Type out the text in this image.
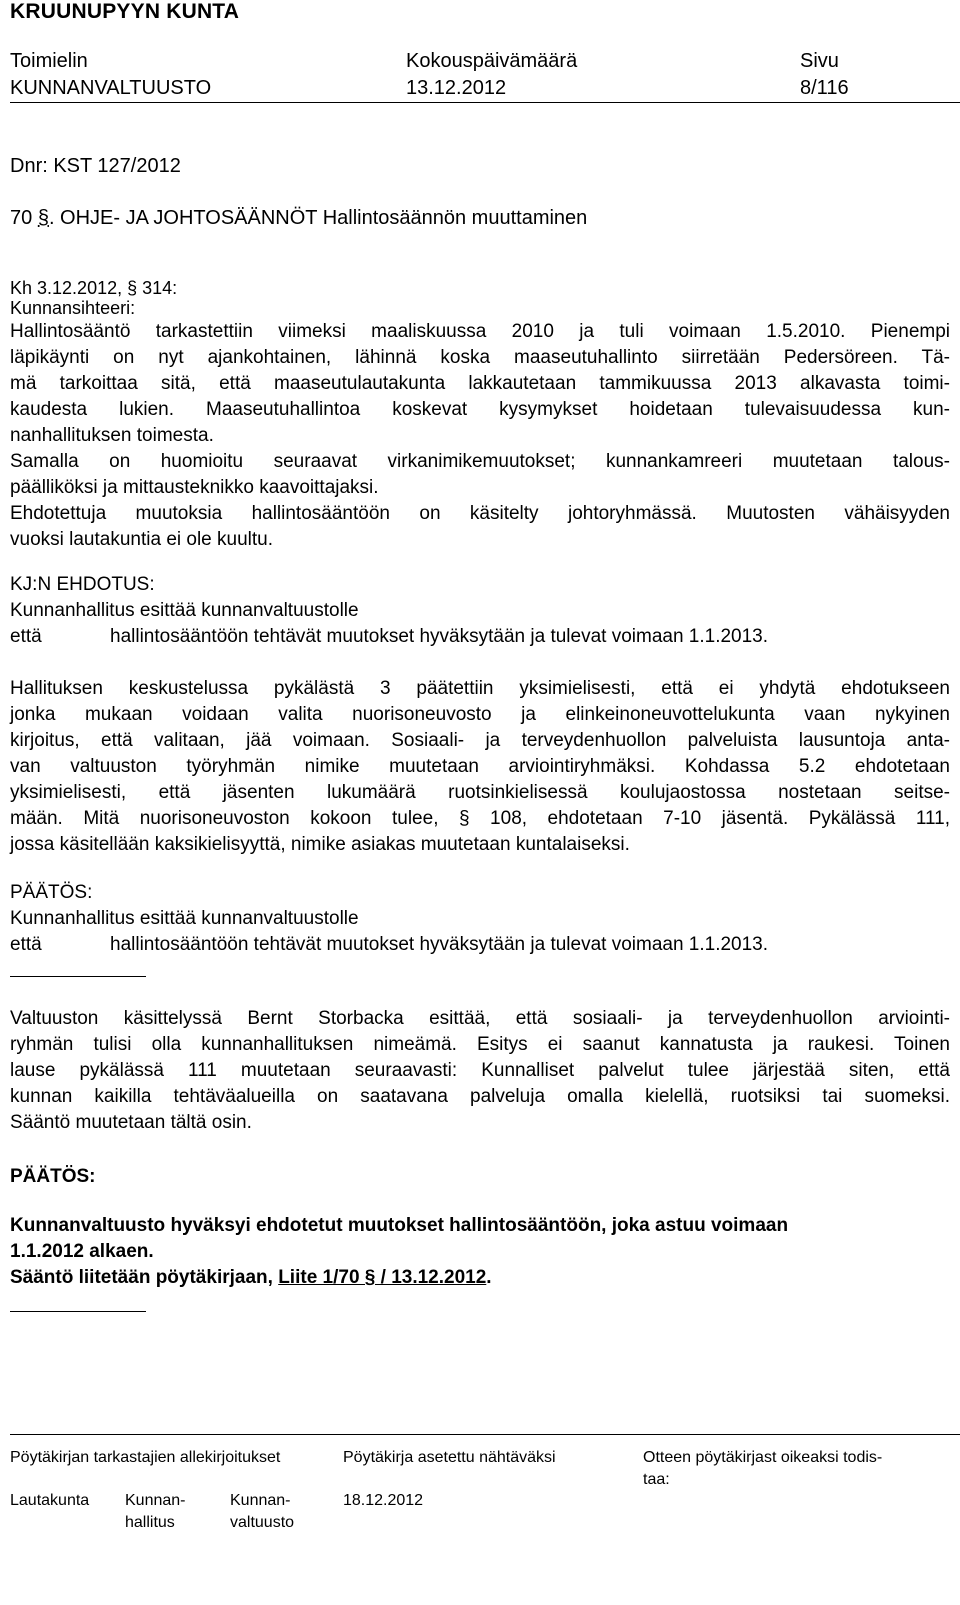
KRUUNUPYYN KUNTA
Toimielin
KUNNANVALTUUSTO
Kokouspäivämäärä
13.12.2012
Sivu
8/116
Dnr: KST 127/2012
70 §. OHJE- JA JOHTOSÄÄNNÖT Hallintosäännön muuttaminen
Kh 3.12.2012, § 314:
Kunnansihteeri:
Hallintosääntö tarkastettiin viimeksi maaliskuussa 2010 ja tuli voimaan 1.5.2010. Pienempi
läpikäynti on nyt ajankohtainen, lähinnä koska maaseutuhallinto siirretään Pedersöreen. Tä-
mä tarkoittaa sitä, että maaseutulautakunta lakkautetaan tammikuussa 2013 alkavasta toimi-
kaudesta lukien. Maaseutuhallintoa koskevat kysymykset hoidetaan tulevaisuudessa kun-
nanhallituksen toimesta.
Samalla on huomioitu seuraavat virkanimikemuutokset; kunnankamreeri muutetaan talous-
päälliköksi ja mittausteknikko kaavoittajaksi.
Ehdotettuja muutoksia hallintosääntöön on käsitelty johtoryhmässä. Muutosten vähäisyyden
vuoksi lautakuntia ei ole kuultu.
KJ:N EHDOTUS:
Kunnanhallitus esittää kunnanvaltuustolle
että	hallintosääntöön tehtävät muutokset hyväksytään ja tulevat voimaan 1.1.2013.
Hallituksen keskustelussa pykälästä 3 päätettiin yksimielisesti, että ei yhdytä ehdotukseen
jonka mukaan voidaan valita nuorisoneuvosto ja elinkeinoneuvottelukunta vaan nykyinen
kirjoitus, että valitaan, jää voimaan. Sosiaali- ja terveydenhuollon palveluista lausuntoja anta-
van valtuuston työryhmän nimike muutetaan arviointiryhmäksi. Kohdassa 5.2 ehdotetaan
yksimielisesti, että jäsenten lukumäärä ruotsinkielisessä koulujaostossa nostetaan seitse-
mään. Mitä nuorisoneuvoston kokoon tulee, § 108, ehdotetaan 7-10 jäsentä. Pykälässä 111,
jossa käsitellään kaksikielisyyttä, nimike asiakas muutetaan kuntalaiseksi.
PÄÄTÖS:
Kunnanhallitus esittää kunnanvaltuustolle
että	hallintosääntöön tehtävät muutokset hyväksytään ja tulevat voimaan 1.1.2013.
Valtuuston käsittelyssä Bernt Storbacka esittää, että sosiaali- ja terveydenhuollon arviointi-
ryhmän tulisi olla kunnanhallituksen nimeämä. Esitys ei saanut kannatusta ja raukesi. Toinen
lause pykälässä 111 muutetaan seuraavasti: Kunnalliset palvelut tulee järjestää siten, että
kunnan kaikilla tehtäväalueilla on saatavana palveluja omalla kielellä, ruotsiksi tai suomeksi.
Sääntö muutetaan tältä osin.
PÄÄTÖS:
Kunnanvaltuusto hyväksyi ehdotetut muutokset hallintosääntöön, joka astuu voimaan
1.1.2012 alkaen.
Sääntö liitetään pöytäkirjaan, Liite 1/70 § / 13.12.2012.
Pöytäkirjan tarkastajien allekirjoitukset
Lautakunta Kunnan-
hallitus
Kunnan-
valtuusto
Pöytäkirja asetettu nähtäväksi
18.12.2012
Otteen pöytäkirjast oikeaksi todis-
taa:
